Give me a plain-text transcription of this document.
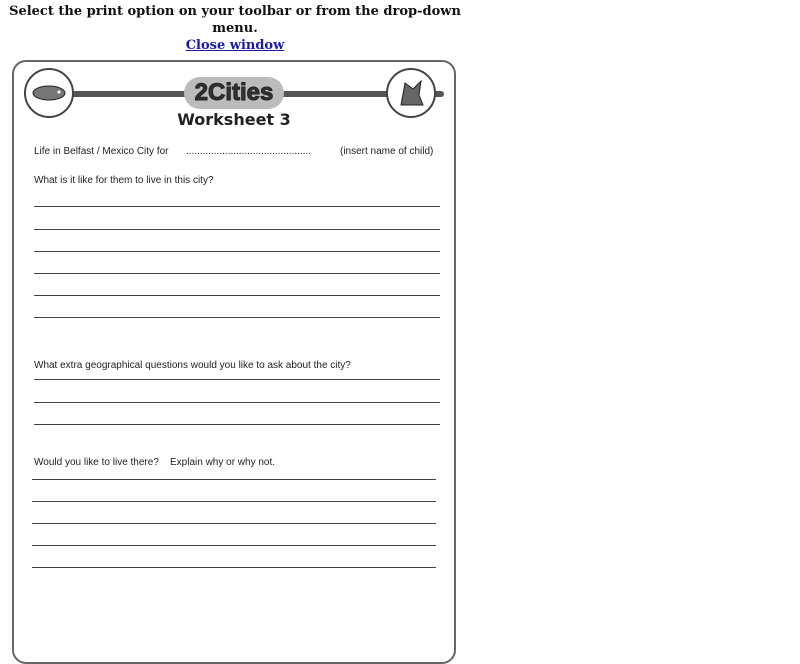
Select the print option on your toolbar or from the drop-down menu.
Close window
2Cities
Worksheet 3
Life in Belfast / Mexico City for .............................................	(insert name of child)
What is it like for them to live in this city?
What extra geographical questions would you like to ask about the city?
Would you like to live there?    Explain why or why not.
